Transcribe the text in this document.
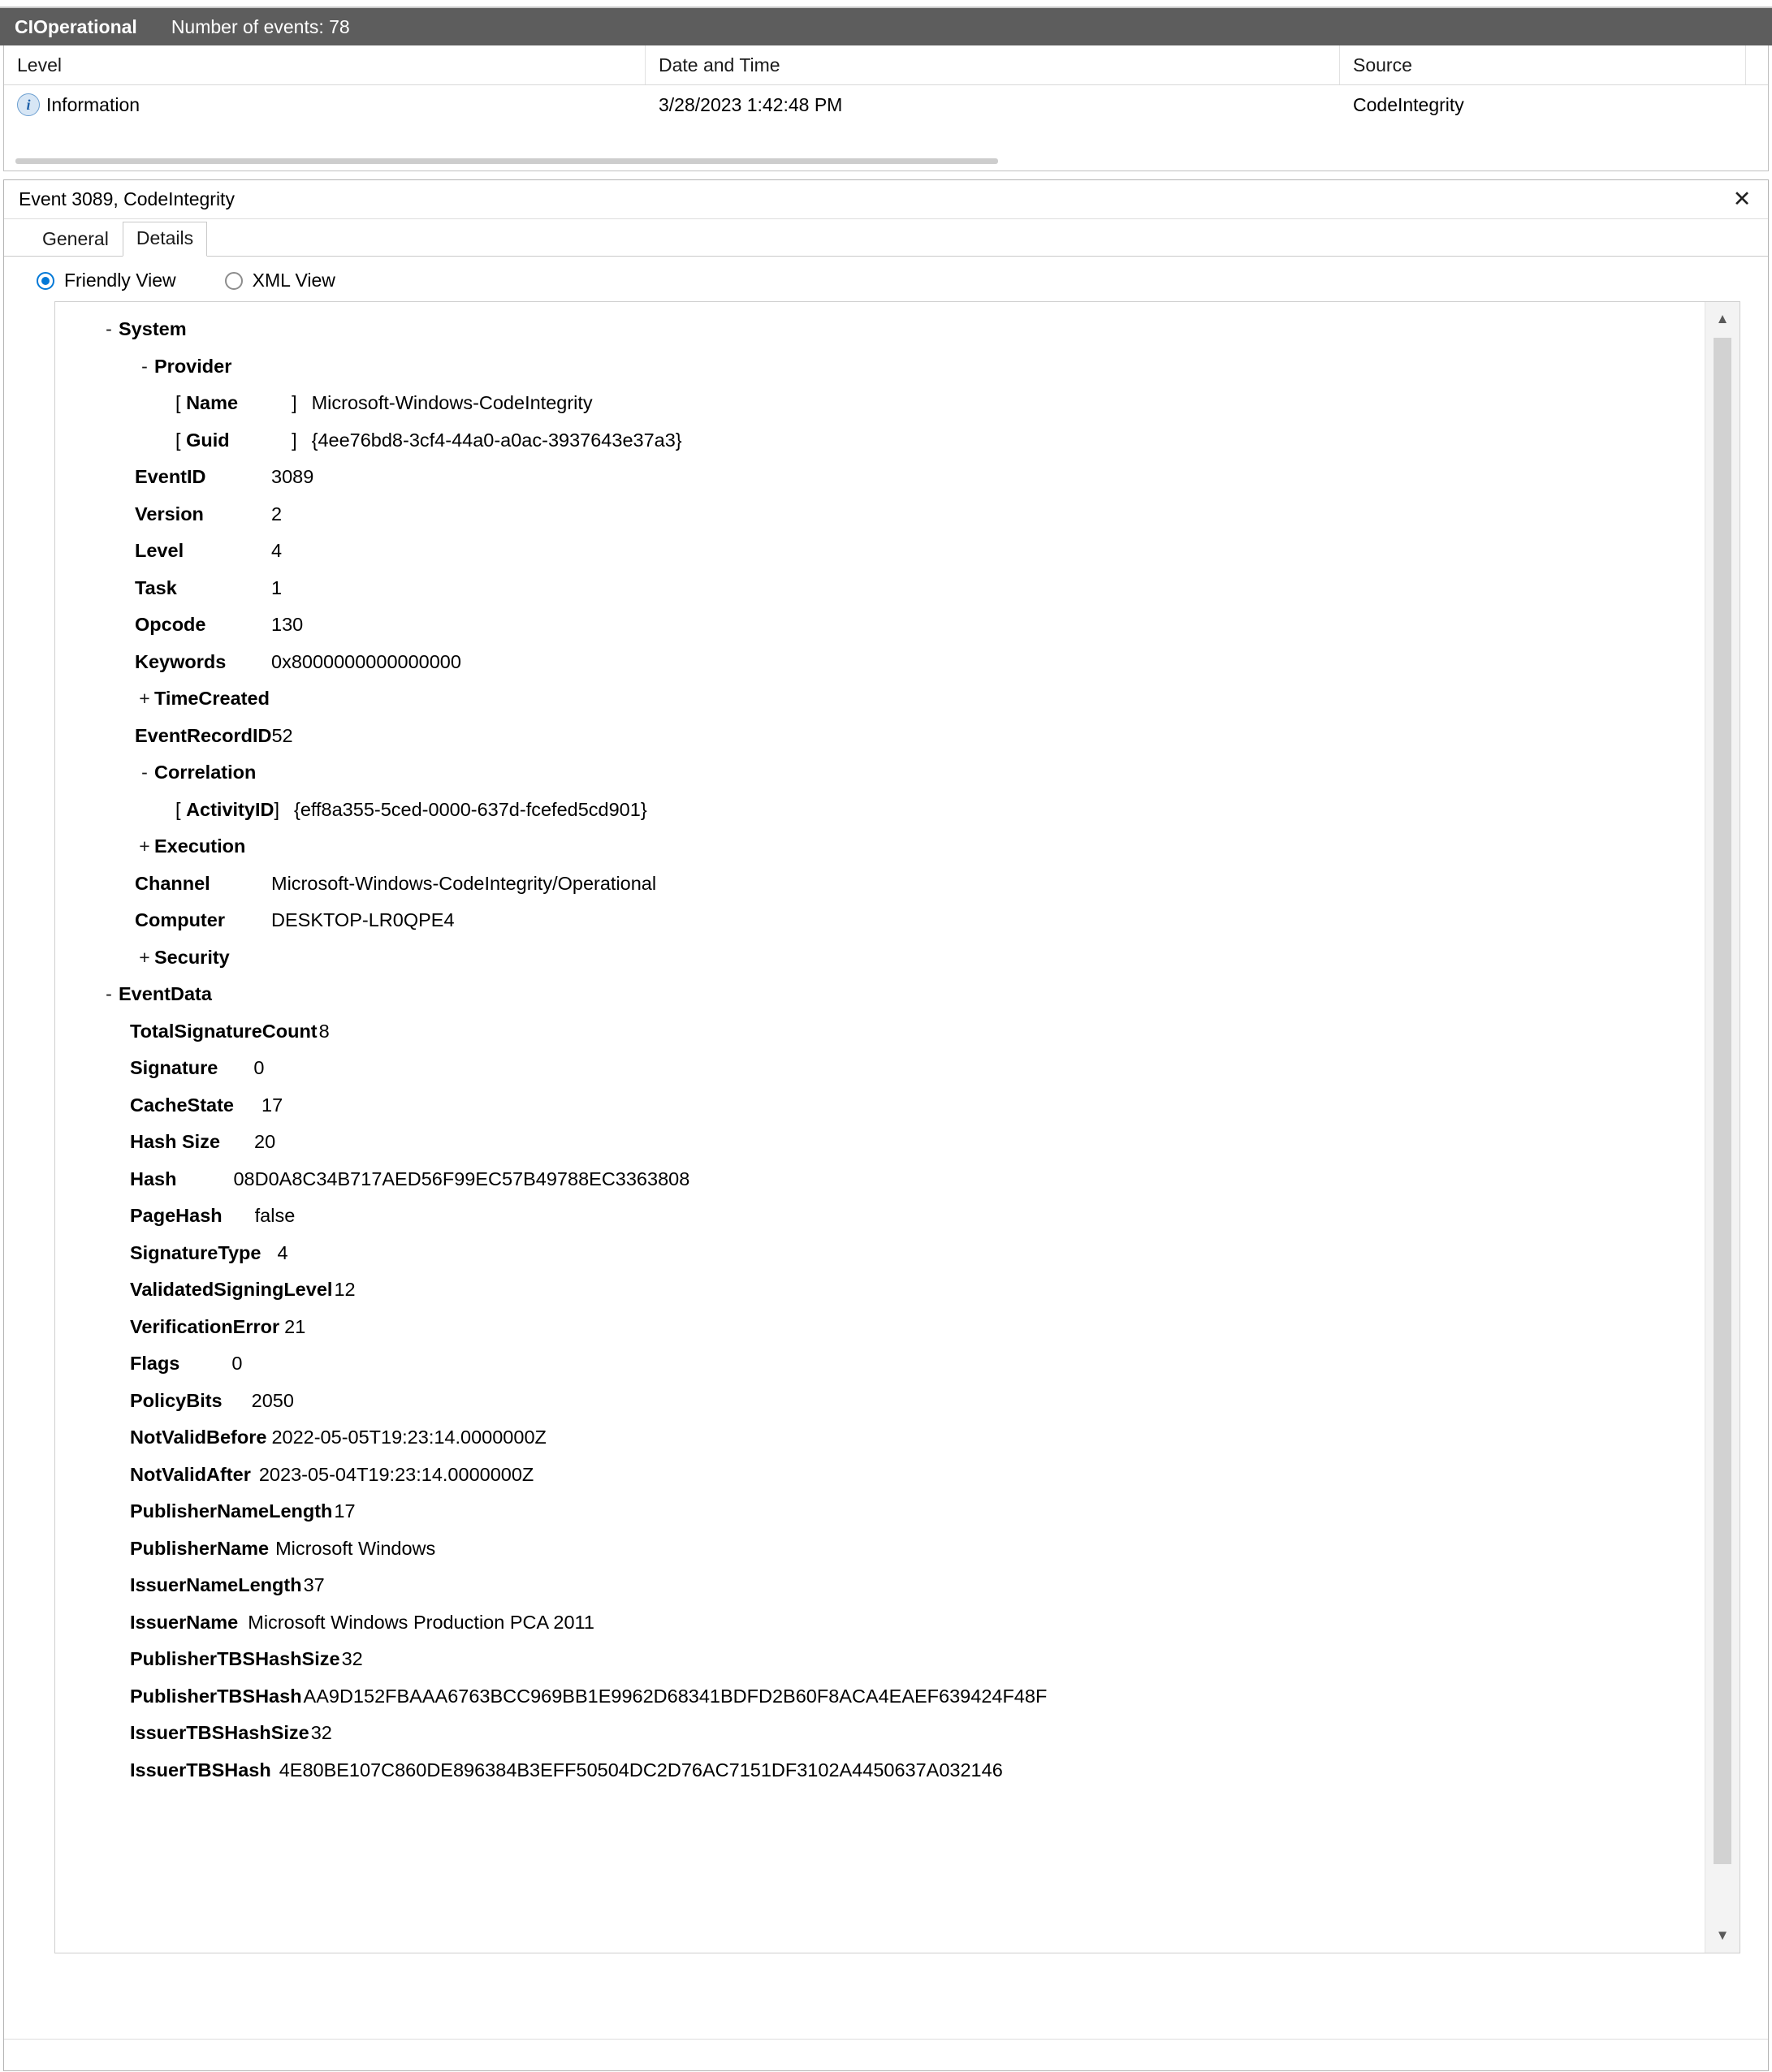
CIOperational Number of events: 78
Level	Date and Time	Source
i Information	3/28/2023 1:42:48 PM	CodeIntegrity
Event 3089, CodeIntegrity	✕
General	Details
Friendly View	XML View
- System
- Provider
[ Name	] Microsoft-Windows-CodeIntegrity
[ Guid	] {4ee76bd8-3cf4-44a0-a0ac-3937643e37a3}
EventID	3089
Version	2
Level	4
Task	1
Opcode	130
Keywords	0x8000000000000000
+ TimeCreated
EventRecordID 52
- Correlation
[ ActivityID ] {eff8a355-5ced-0000-637d-fcefed5cd901}
+ Execution
Channel	Microsoft-Windows-CodeIntegrity/Operational
Computer	DESKTOP-LR0QPE4
+ Security
- EventData
TotalSignatureCount 8
Signature	0
CacheState	17
Hash Size	20
Hash	08D0A8C34B717AED56F99EC57B49788EC3363808
PageHash	false
SignatureType 4
ValidatedSigningLevel 12
VerificationError 21
Flags	0
PolicyBits	2050
NotValidBefore 2022-05-05T19:23:14.0000000Z
NotValidAfter 2023-05-04T19:23:14.0000000Z
PublisherNameLength 17
PublisherName Microsoft Windows
IssuerNameLength 37
IssuerName Microsoft Windows Production PCA 2011
PublisherTBSHashSize 32
PublisherTBSHash AA9D152FBAAA6763BCC969BB1E9962D68341BDFD2B60F8ACA4EAEF639424F48F
IssuerTBSHashSize 32
IssuerTBSHash 4E80BE107C860DE896384B3EFF50504DC2D76AC7151DF3102A4450637A032146
▲
▼
